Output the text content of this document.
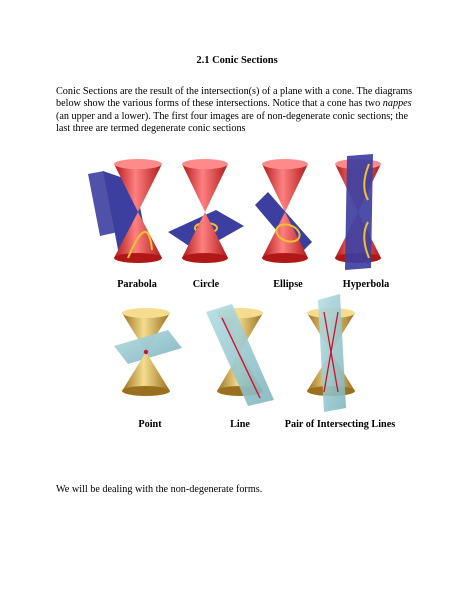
2.1 Conic Sections
Conic Sections are the result of the intersection(s) of a plane with a cone. The diagrams below show the various forms of these intersections. Notice that a cone has two nappes (an upper and a lower). The first four images are of non-degenerate conic sections; the last three are termed degenerate conic sections
Parabola	Circle	Ellipse	Hyperbola
Point	Line	Pair of Intersecting Lines
We will be dealing with the non-degenerate forms.
